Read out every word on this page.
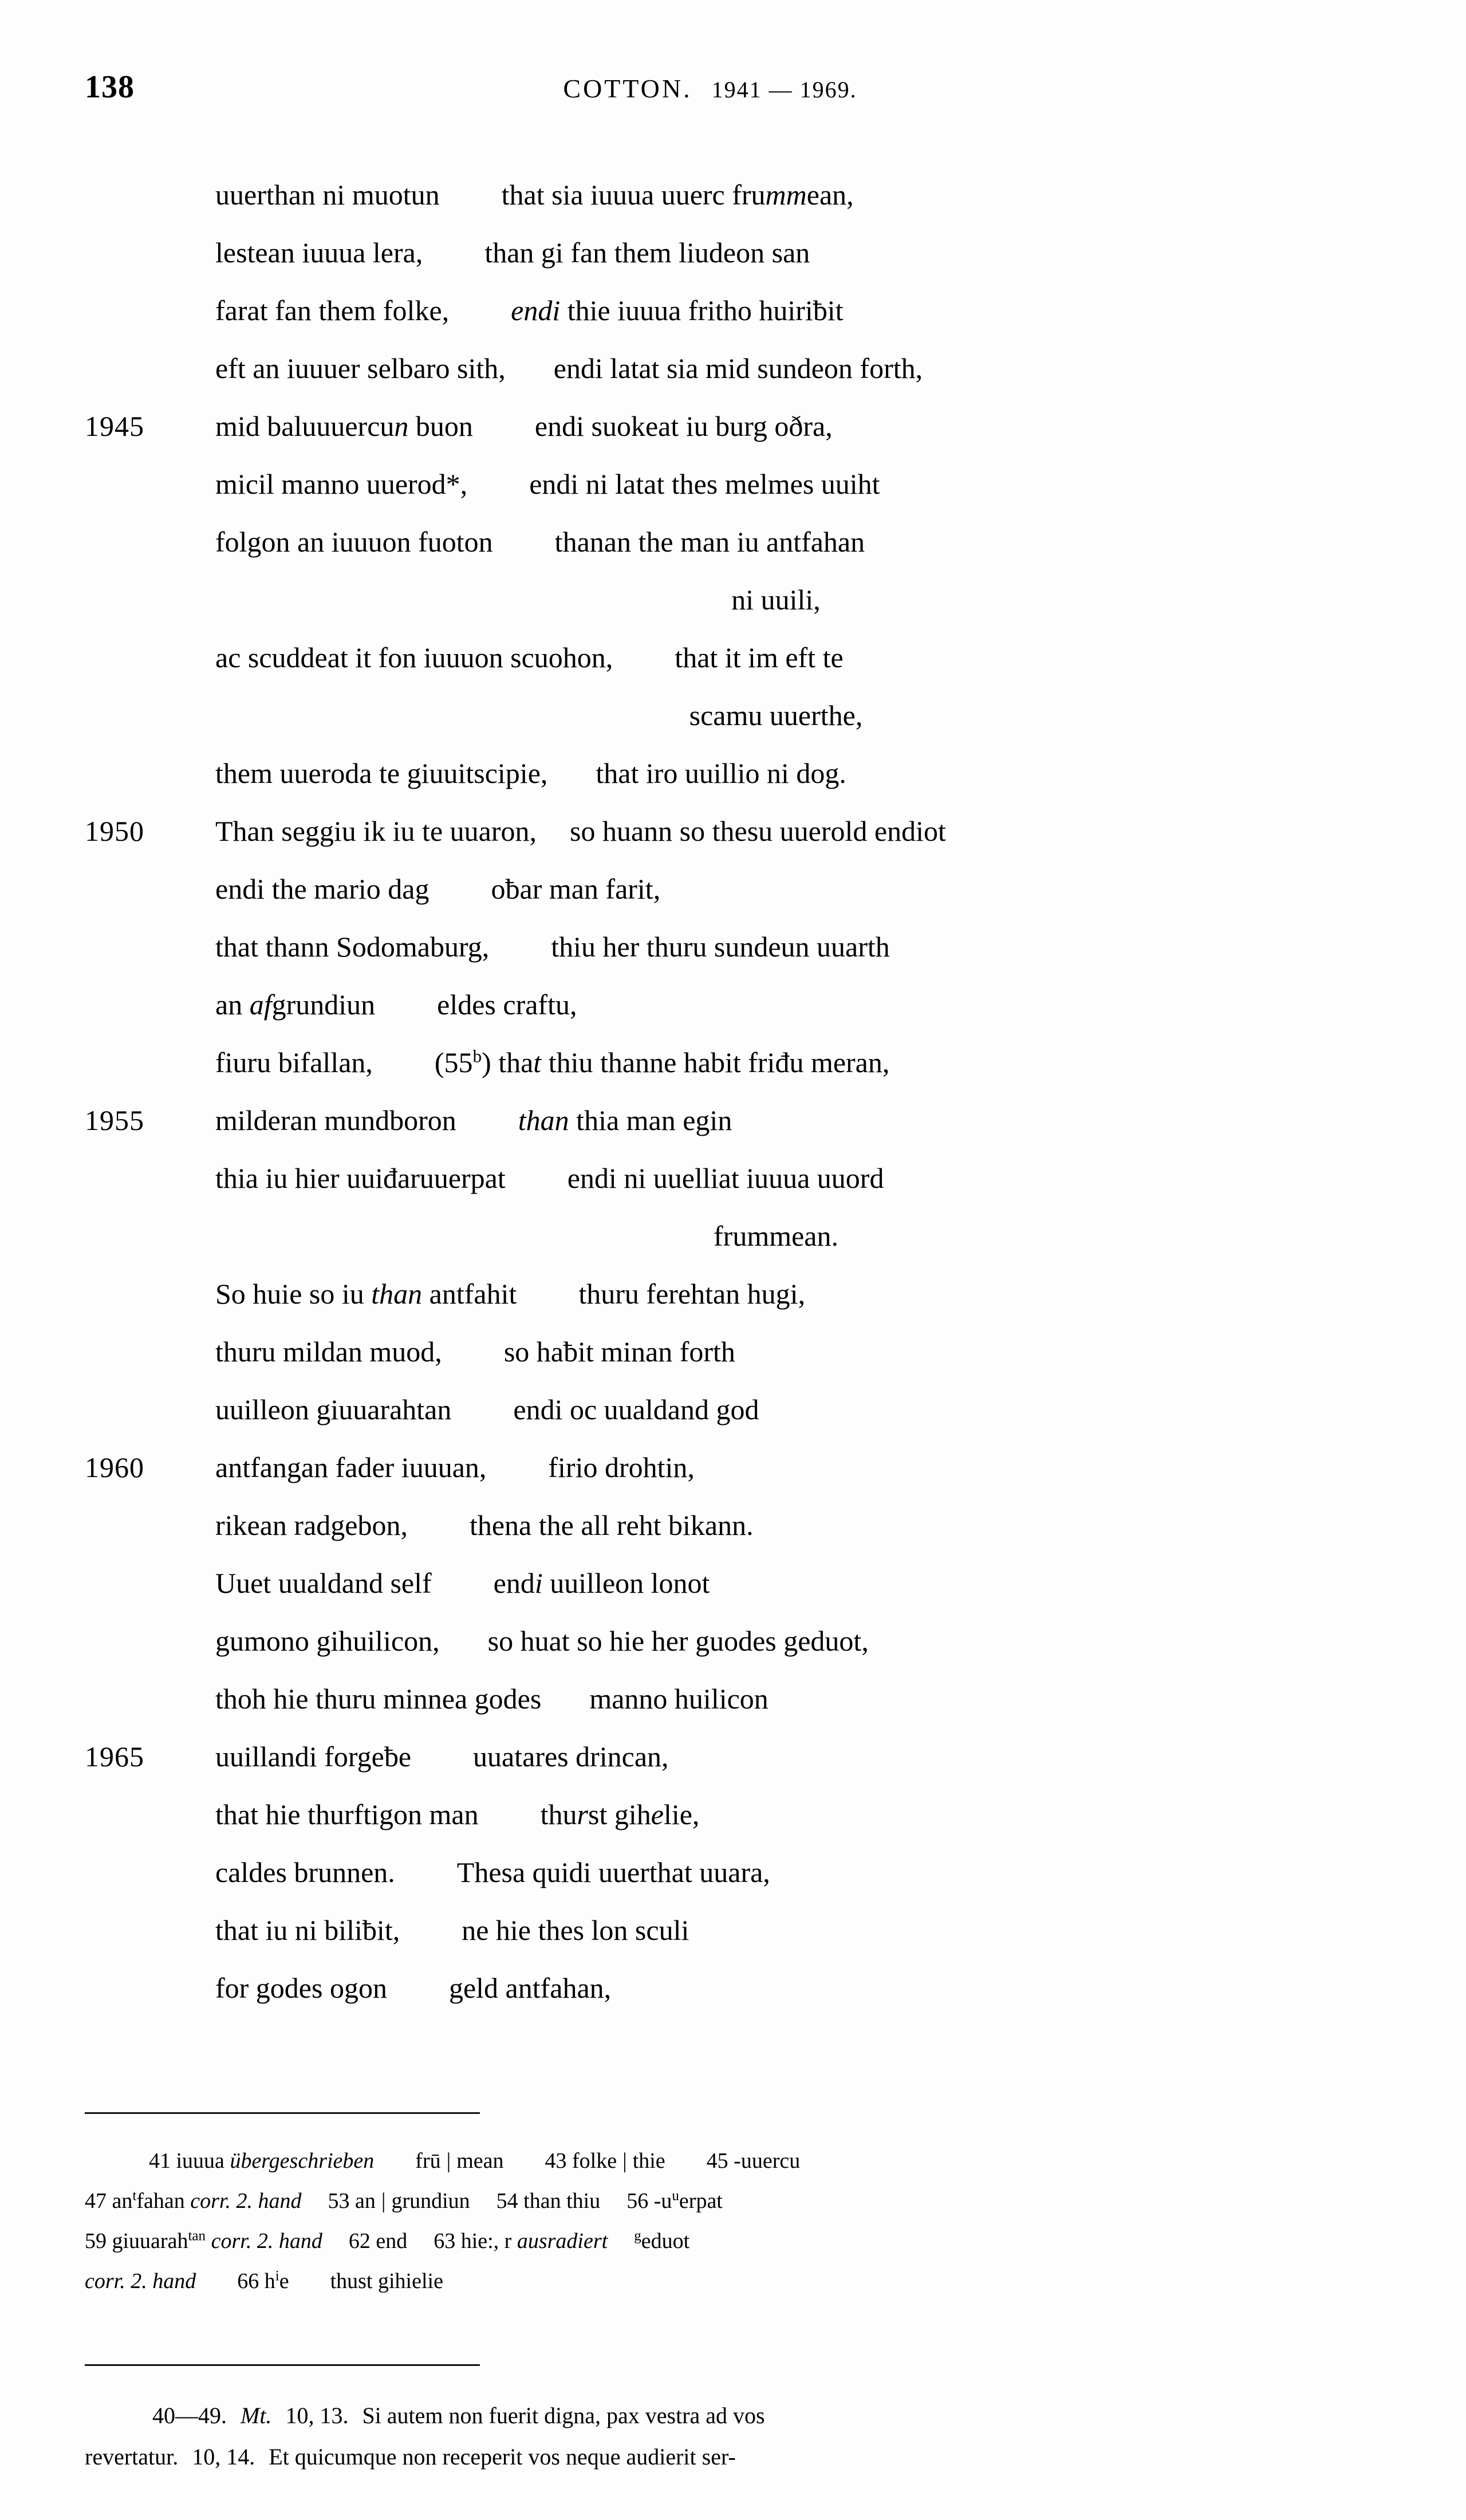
138	COTTON. 1941 — 1969.
uuerthan ni muotun that sia iuuua uuerc frummean,
lestean iuuua lera, than gi fan them liudeon san
farat fan them folke, endi thie iuuua fritho huiriƀit
eft an iuuuer selbaro sith, endi latat sia mid sundeon forth,
1945	mid baluuuercun buon endi suokeat iu burg oðra,
micil manno uuerod*, endi ni latat thes melmes uuiht
folgon an iuuuon fuoton thanan the man iu antfahan
ni uuili,
ac scuddeat it fon iuuuon scuohon, that it im eft te
scamu uuerthe,
them uueroda te giuuitscipie, that iro uuillio ni dog.
1950	Than seggiu ik iu te uuaron, so huann so thesu uuerold endiot
endi the mario dag oƀar man farit,
that thann Sodomaburg, thiu her thuru sundeun uuarth
an afgrundiun eldes craftu,
fiuru bifallan, (55$^b$) that thiu thanne habit friđu meran,
1955	milderan mundboron than thia man egin
thia iu hier uuiđaruuerpat endi ni uuelliat iuuua uuord
frummean.
So huie so iu than antfahit thuru ferehtan hugi,
thuru mildan muod, so haƀit minan forth
uuilleon giuuarahtan endi oc uualdand god
1960	antfangan fader iuuuan, firio drohtin,
rikean radgebon, thena the all reht bikann.
Uuet uualdand self endi uuilleon lonot
gumono gihuilicon, so huat so hie her guodes geduot,
thoh hie thuru minnea godes manno huilicon
1965	uuillandi forgeƀe uuatares drincan,
that hie thurftigon man thurst gihelie,
caldes brunnen. Thesa quidi uuerthat uuara,
that iu ni biliƀit, ne hie thes lon sculi
for godes ogon geld antfahan,
41 iuuua übergeschrieben frū | mean 43 folke | thie 45 -uuercu
47 $an^tfahan$ corr. 2. hand 53 an | grundiun 54 than thiu 56 $-u^uerpat$
59 giuuarah$^{tan}$ corr. 2. hand 62 end 63 hie:, r ausradiert $^g$eduot
corr. 2. hand 66 $h^ie$ thust gihielie
40—49. Mt. 10, 13. Si autem non fuerit digna, pax vestra ad vos
revertatur. 10, 14. Et quicumque non receperit vos neque audierit ser-
